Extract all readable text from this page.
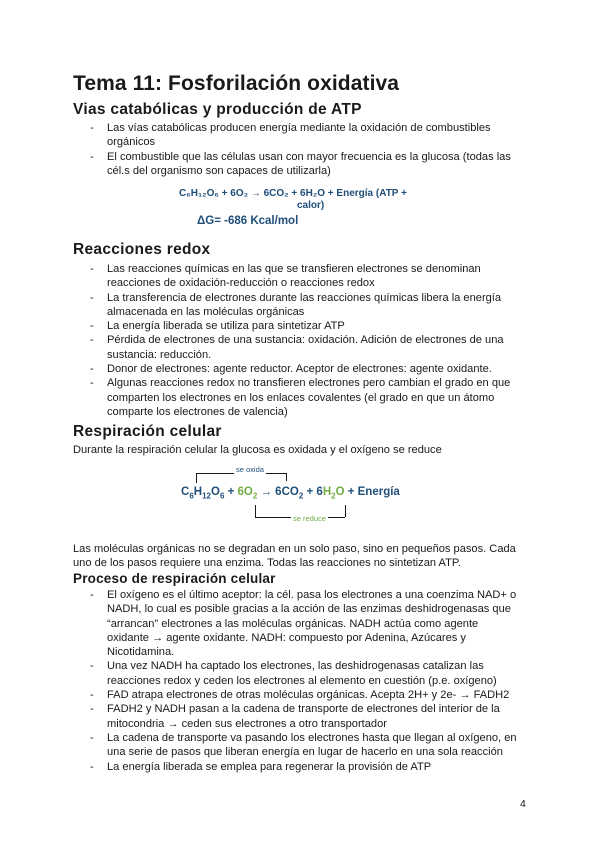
Tema 11: Fosforilación oxidativa
Vias catabólicas y producción de ATP
- Las vías catabólicas producen energía mediante la oxidación de combustibles orgánicos
- El combustible que las células usan con mayor frecuencia es la glucosa (todas las cél.s del organismo son capaces de utilizarla)
C₆H₁₂O₆ + 6O₂ → 6CO₂ + 6H₂O + Energía (ATP +
calor)
ΔG= -686 Kcal/mol
Reacciones redox
- Las reacciones químicas en las que se transfieren electrones se denominan reacciones de oxidación-reducción o reacciones redox
- La transferencia de electrones durante las reacciones químicas libera la energía almacenada en las moléculas orgánicas
- La energía liberada se utiliza para sintetizar ATP
- Pérdida de electrones de una sustancia: oxidación. Adición de electrones de una sustancia: reducción.
- Donor de electrones: agente reductor. Aceptor de electrones: agente oxidante.
- Algunas reacciones redox no transfieren electrones pero cambian el grado en que comparten los electrones en los enlaces covalentes (el grado en que un átomo comparte los electrones de valencia)
Respiración celular

Durante la respiración celular la glucosa es oxidada y el oxígeno se reduce

se oxida
$C_6H_{12}O_6 + 6O_2 \to 6CO_2 + 6H_2O$ + Energía
se reduce

Las moléculas orgánicas no se degradan en un solo paso, sino en pequeños pasos. Cada uno de los pasos requiere una enzima. Todas las reacciones no sintetizan ATP.

Proceso de respiración celular
- El oxígeno es el último aceptor: la cél. pasa los electrones a una coenzima NAD+ o NADH, lo cual es posible gracias a la acción de las enzimas deshidrogenasas que “arrancan” electrones a las moléculas orgánicas. NADH actúa como agente oxidante → agente oxidante. NADH: compuesto por Adenina, Azúcares y Nicotidamina.
- Una vez NADH ha captado los electrones, las deshidrogenasas catalizan las reacciones redox y ceden los electrones al elemento en cuestión (p.e. oxígeno)
- FAD atrapa electrones de otras moléculas orgánicas. Acepta 2H+ y 2e- → FADH2
- FADH2 y NADH pasan a la cadena de transporte de electrones del interior de la mitocondria → ceden sus electrones a otro transportador
- La cadena de transporte va pasando los electrones hasta que llegan al oxígeno, en una serie de pasos que liberan energía en lugar de hacerlo en una sola reacción
- La energía liberada se emplea para regenerar la provisión de ATP
4
